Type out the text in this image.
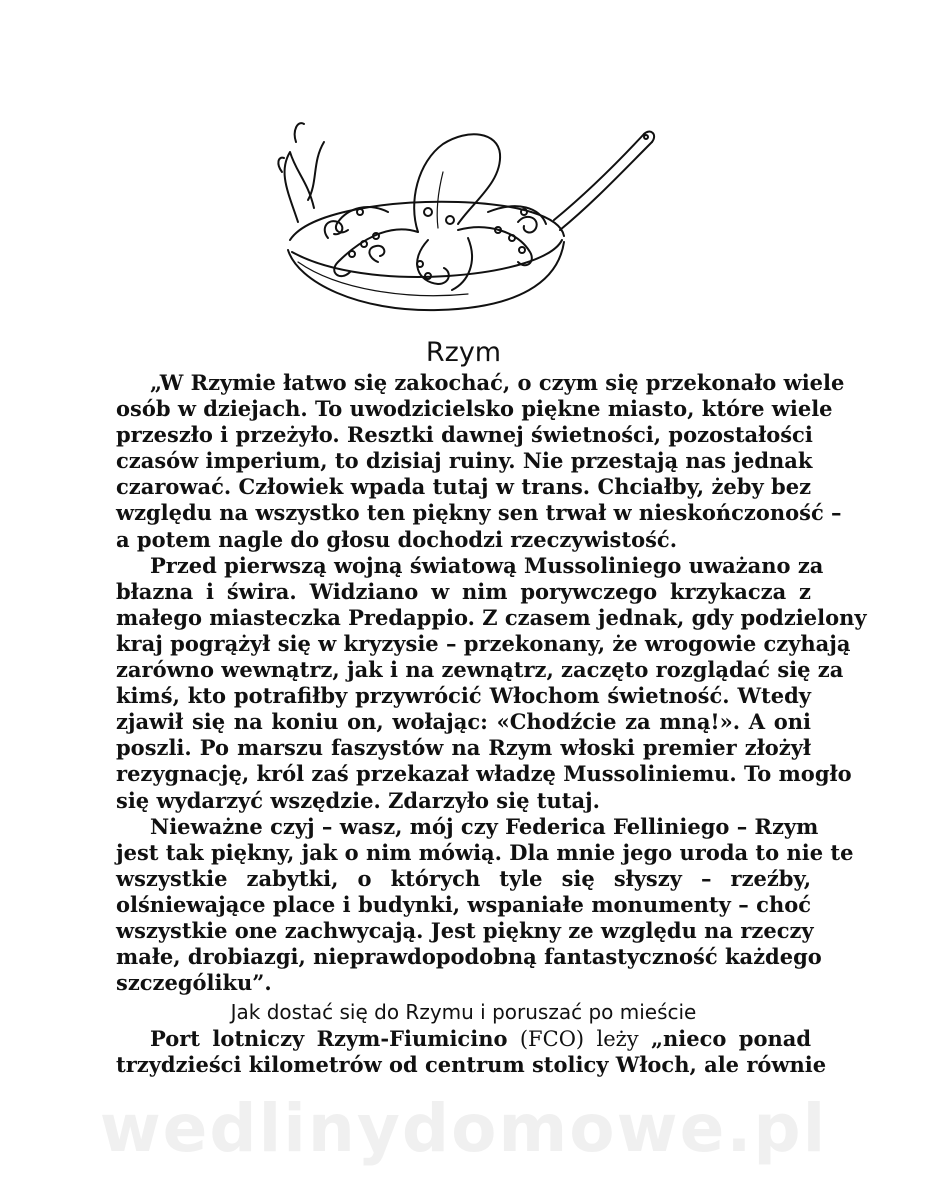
Rzym

„W Rzymie łatwo się zakochać, o czym się przekonało wiele
osób w dziejach. To uwodzicielsko piękne miasto, które wiele
przeszło i przeżyło. Resztki dawnej świetności, pozostałości
czasów imperium, to dzisiaj ruiny. Nie przestają nas jednak
czarować. Człowiek wpada tutaj w trans. Chciałby, żeby bez
względu na wszystko ten piękny sen trwał w nieskończoność –
a potem nagle do głosu dochodzi rzeczywistość.

Przed pierwszą wojną światową Mussoliniego uważano za
błazna i świra. Widziano w nim porywczego krzykacza z
małego miasteczka Predappio. Z czasem jednak, gdy podzielony
kraj pogrążył się w kryzysie – przekonany, że wrogowie czyhają
zarówno wewnątrz, jak i na zewnątrz, zaczęto rozglądać się za
kimś, kto potrafiłby przywrócić Włochom świetność. Wtedy
zjawił się na koniu on, wołając: «Chodźcie za mną!». A oni
poszli. Po marszu faszystów na Rzym włoski premier złożył
rezygnację, król zaś przekazał władzę Mussoliniemu. To mogło
się wydarzyć wszędzie. Zdarzyło się tutaj.

Nieważne czyj – wasz, mój czy Federica Felliniego – Rzym
jest tak piękny, jak o nim mówią. Dla mnie jego uroda to nie te
wszystkie zabytki, o których tyle się słyszy – rzeźby,
olśniewające place i budynki, wspaniałe monumenty – choć
wszystkie one zachwycają. Jest piękny ze względu na rzeczy
małe, drobiazgi, nieprawdopodobną fantastyczność każdego
szczególiku”.

Jak dostać się do Rzymu i poruszać po mieście

Port lotniczy Rzym-Fiumicino (FCO) leży „nieco ponad
trzydzieści kilometrów od centrum stolicy Włoch, ale równie

wedlinydomowe.pl
